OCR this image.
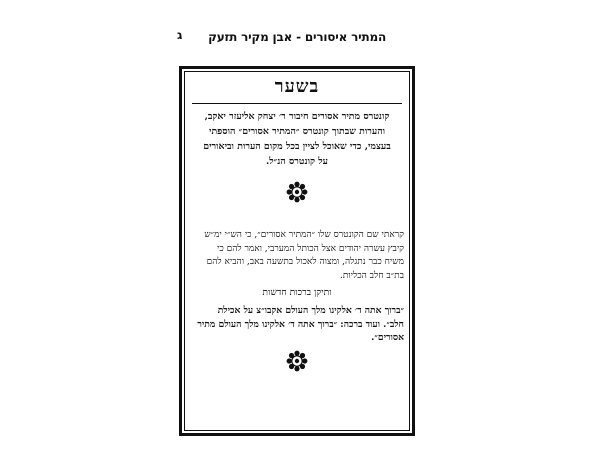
המתיר איסורים - אבן מקיר תזעק
ג
בשער
קונטרס מתיר אסורים חיבור ר׳ יצחק אליעזר יאקב,
והערות שבתוך קונטרס ״המתיר אסורים״ הוספתי
בעצמי, כדי שאוכל לציין בכל מקום הערות וביאורים
על קונטרס הנ״ל.
קראתי שם הקונטרס שלו ״המתיר אסורים״, כי הש״י ימ״ש
קיבץ עשרה יהודים אצל הכותל המערבי, ואמר להם כי
משיח כבר נתגלה, ומצוה לאכול בתשעה באב, והביא להם
בת״ב חלב הכליות.
ותיקן ברכות חדשות
״ברוך אתה ד׳ אלקינו מלך העולם אקבו״צ על אכילת
חלב״. ועוד ברכה: ״ברוך אתה ד׳ אלקינו מלך העולם מתיר
אסורים״.
